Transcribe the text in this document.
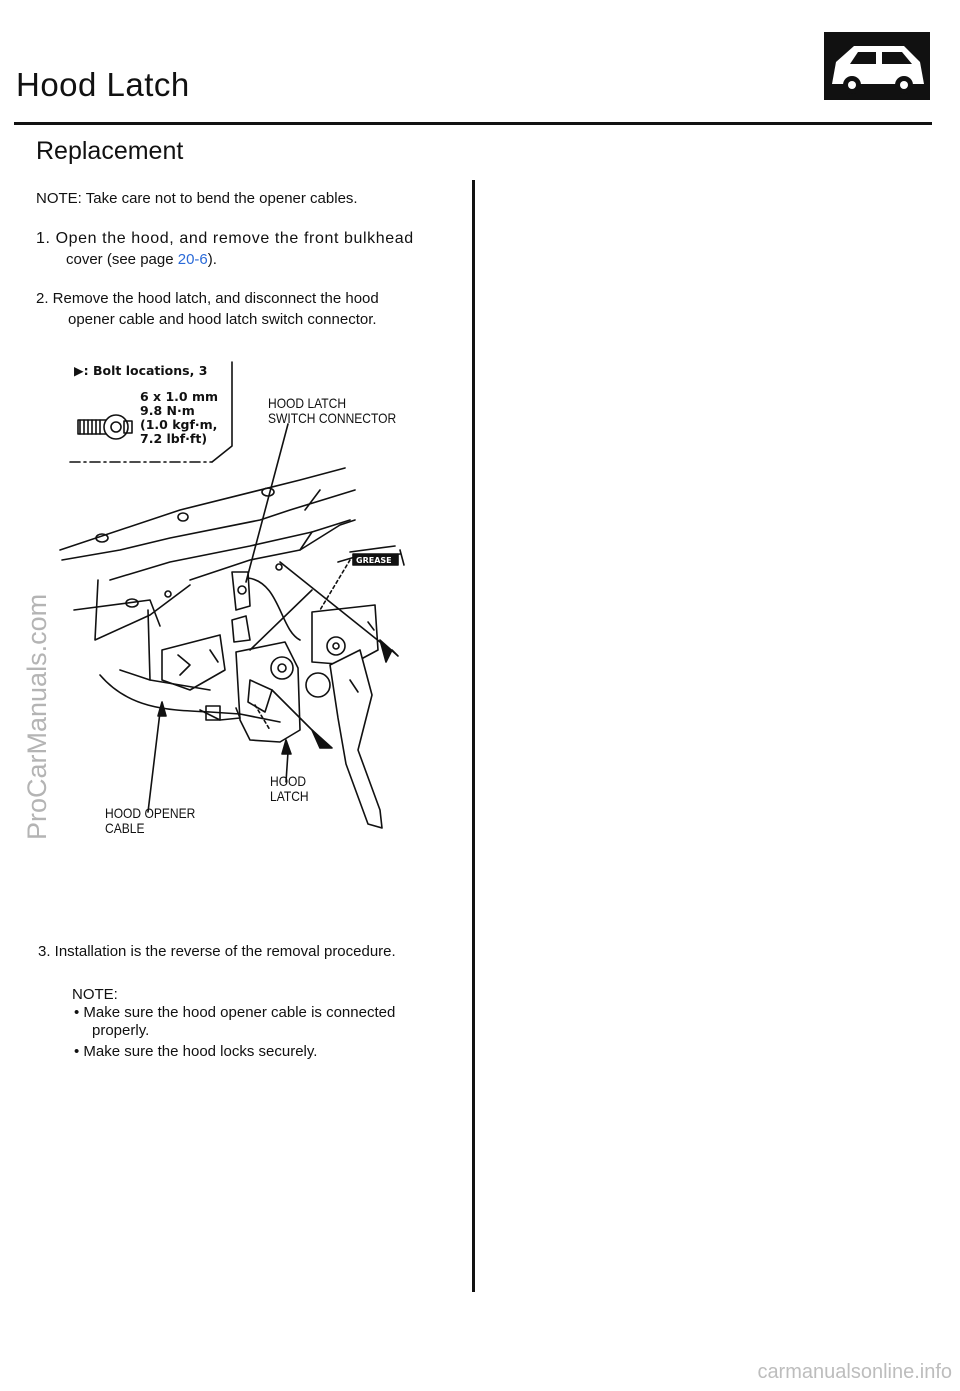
Hood Latch
Replacement
NOTE: Take care not to bend the opener cables.
1. Open the hood, and remove the front bulkhead
cover (see page 20-6).
2. Remove the hood latch, and disconnect the hood
opener cable and hood latch switch connector.
GREASE
▶: Bolt locations, 3
6 x 1.0 mm
9.8 N·m
(1.0 kgf·m,
7.2 lbf·ft)
HOOD LATCH
SWITCH CONNECTOR
HOOD
LATCH
HOOD OPENER
CABLE
3. Installation is the reverse of the removal procedure.
NOTE:
• Make sure the hood opener cable is connected
properly.
• Make sure the hood locks securely.
ProCarManuals.com
carmanualsonline.info
